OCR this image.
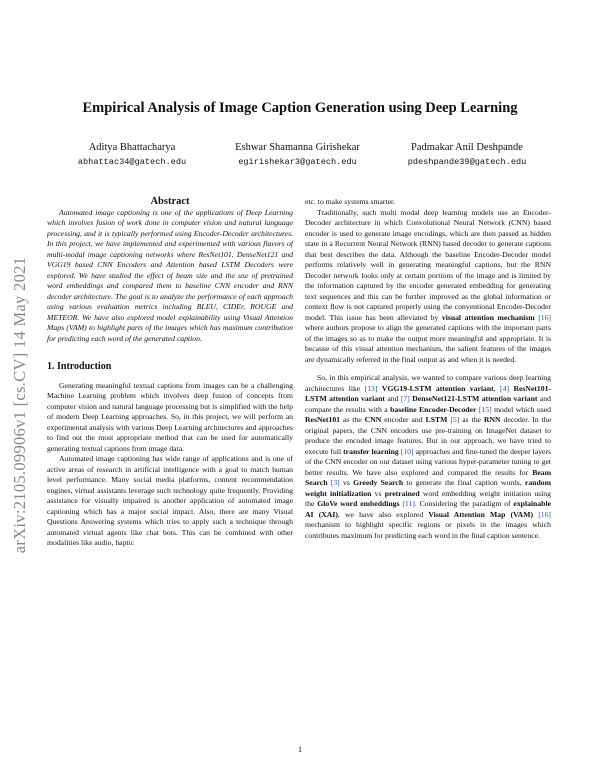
arXiv:2105.09906v1 [cs.CV] 14 May 2021
Empirical Analysis of Image Caption Generation using Deep Learning
Aditya Bhattacharya
abhattac34@gatech.edu
Eshwar Shamanna Girishekar
egirishekar3@gatech.edu
Padmakar Anil Deshpande
pdeshpande39@gatech.edu

Abstract

Automated image captioning is one of the applications of Deep Learning which involves fusion of work done in computer vision and natural language processing, and it is typically performed using Encoder-Decoder architectures. In this project, we have implemented and experimented with various flavors of multi-modal image captioning networks where ResNet101, DenseNet121 and VGG19 based CNN Encoders and Attention based LSTM Decoders were explored. We have studied the effect of beam size and the use of pretrained word embeddings and compared them to baseline CNN encoder and RNN decoder architecture. The goal is to analyze the performance of each approach using various evaluation metrics including BLEU, CIDEr, ROUGE and METEOR. We have also explored model explainability using Visual Attention Maps (VAM) to highlight parts of the images which has maximum contribution for predicting each word of the generated caption.

1. Introduction

Generating meaningful textual captions from images can be a challenging Machine Learning problem which involves deep fusion of concepts from computer vision and natural language processing but is simplified with the help of modern Deep Learning approaches. So, in this project, we will perform an experimental analysis with various Deep Learning architectures and approaches to find out the most appropriate method that can be used for automatically generating textual captions from image data.

Automated image captioning has wide range of applications and is one of active areas of research in artificial intelligence with a goal to match human level performance. Many social media platforms, content recommendation engines, virtual assistants leverage such technology quite frequently. Providing assistance for visually impaired is another application of automated image captioning which has a major social impact. Also, there are many Visual Questions Answering systems which tries to apply such a technique through automated virtual agents like chat bots. This can be combined with other modalities like audio, haptic

etc. to make systems smarter.

Traditionally, such multi modal deep learning models use an Encoder-Decoder architecture in which Convolutional Neural Network (CNN) based encoder is used to generate image encodings, which are then passed as hidden state in a Recurrent Neural Network (RNN) based decoder to generate captions that best describes the data. Although the baseline Encoder-Decoder model performs relatively well in generating meaningful captions, but the RNN Decoder network looks only at certain portions of the image and is limited by the information captured by the encoder generated embedding for generating text sequences and this can be further improved as the global information or context flow is not captured properly using the conventional Encoder-Decoder model. This issue has been alleviated by visual attention mechanism [16] where authors propose to align the generated captions with the important parts of the images so as to make the output more meaningful and appropriate. It is because of this visual attention mechanism, the salient features of the images are dynamically referred in the final output as and when it is needed.

So, in this empirical analysis, we wanted to compare various deep learning architectures like [13] VGG19-LSTM attention variant, [4] ResNet101-LSTM attention variant and [7] DenseNet121-LSTM attention variant and compare the results with a baseline Encoder-Decoder [15] model which used ResNet101 as the CNN encoder and LSTM [5] as the RNN decoder. In the original papers, the CNN encoders use pre-training on ImageNet dataset to produce the encoded image features. But in our approach, we have tried to execute full transfer learning [10] approaches and fine-tuned the deeper layers of the CNN encoder on our dataset using various hyper-parameter tuning to get better results. We have also explored and compared the results for Beam Search [3] vs Greedy Search to generate the final caption words, random weight initialization vs pretrained word embedding weight initiation using the GloVe word embeddings [11]. Considering the paradigm of explainable AI (XAI), we have also explored Visual Attention Map (VAM) [16] mechanism to highlight specific regions or pixels in the images which contributes maximum for predicting each word in the final caption sentence.

1
